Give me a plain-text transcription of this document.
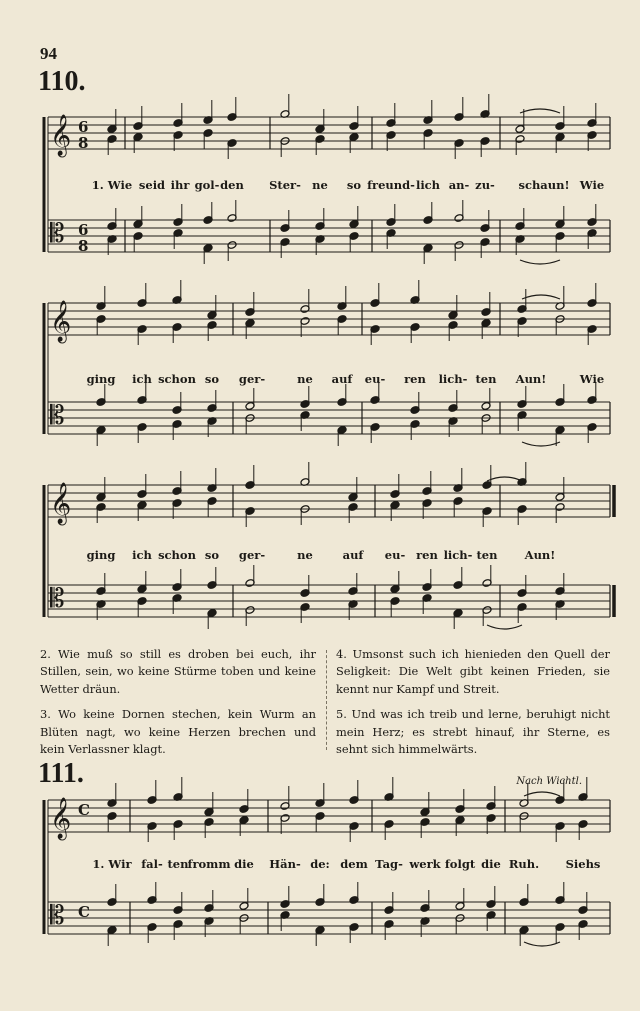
94
110.
111.	Nach Wichtl.
𝄞 6
8
𝄡 6
8
𝄞
𝄡
𝄞
𝄡
𝄞 C
𝄡 C
1. Wie seid ihr gol- den Ster- ne so freund- lich an- zu- schaun! Wie
ging ich schon so ger-	ne auf eu- ren lich- ten Aun!	Wie
ging ich schon so ger-	ne	auf eu- ren lich- ten Aun!
1. Wir fal- ten
fromm die Hän- de: dem Tag- werk folgt die Ruh. Siehs

2. Wie muß so still es droben bei euch, ihr Stillen, sein, wo keine Stürme toben und keine Wetter dräun.

3. Wo keine Dornen stechen, kein Wurm an Blüten nagt, wo keine Herzen brechen und kein Verlassner klagt.

4. Umsonst such ich hienieden den Quell der Seligkeit: Die Welt gibt keinen Frieden, sie kennt nur Kampf und Streit.

5. Und was ich treib und lerne, beruhigt nicht mein Herz; es strebt hinauf, ihr Sterne, es sehnt sich himmelwärts.
